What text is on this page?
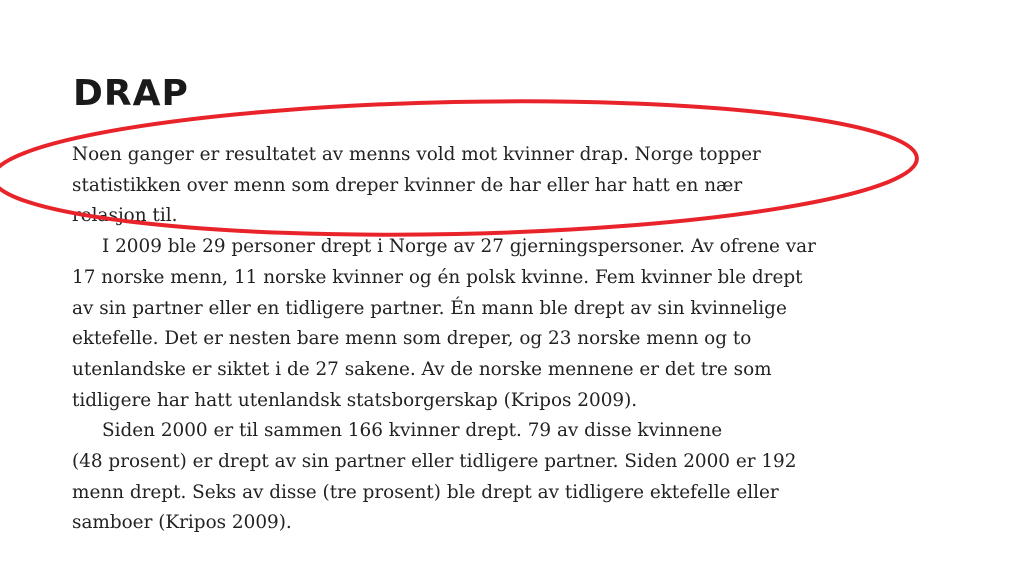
DRAP
Noen ganger er resultatet av menns vold mot kvinner drap. Norge topper
statistikken over menn som dreper kvinner de har eller har hatt en nær
relasjon til.
I 2009 ble 29 personer drept i Norge av 27 gjerningspersoner. Av ofrene var
17 norske menn, 11 norske kvinner og én polsk kvinne. Fem kvinner ble drept
av sin partner eller en tidligere partner. Én mann ble drept av sin kvinnelige
ektefelle. Det er nesten bare menn som dreper, og 23 norske menn og to
utenlandske er siktet i de 27 sakene. Av de norske mennene er det tre som
tidligere har hatt utenlandsk statsborgerskap (Kripos 2009).
Siden 2000 er til sammen 166 kvinner drept. 79 av disse kvinnene
(48 prosent) er drept av sin partner eller tidligere partner. Siden 2000 er 192
menn drept. Seks av disse (tre prosent) ble drept av tidligere ektefelle eller
samboer (Kripos 2009).
